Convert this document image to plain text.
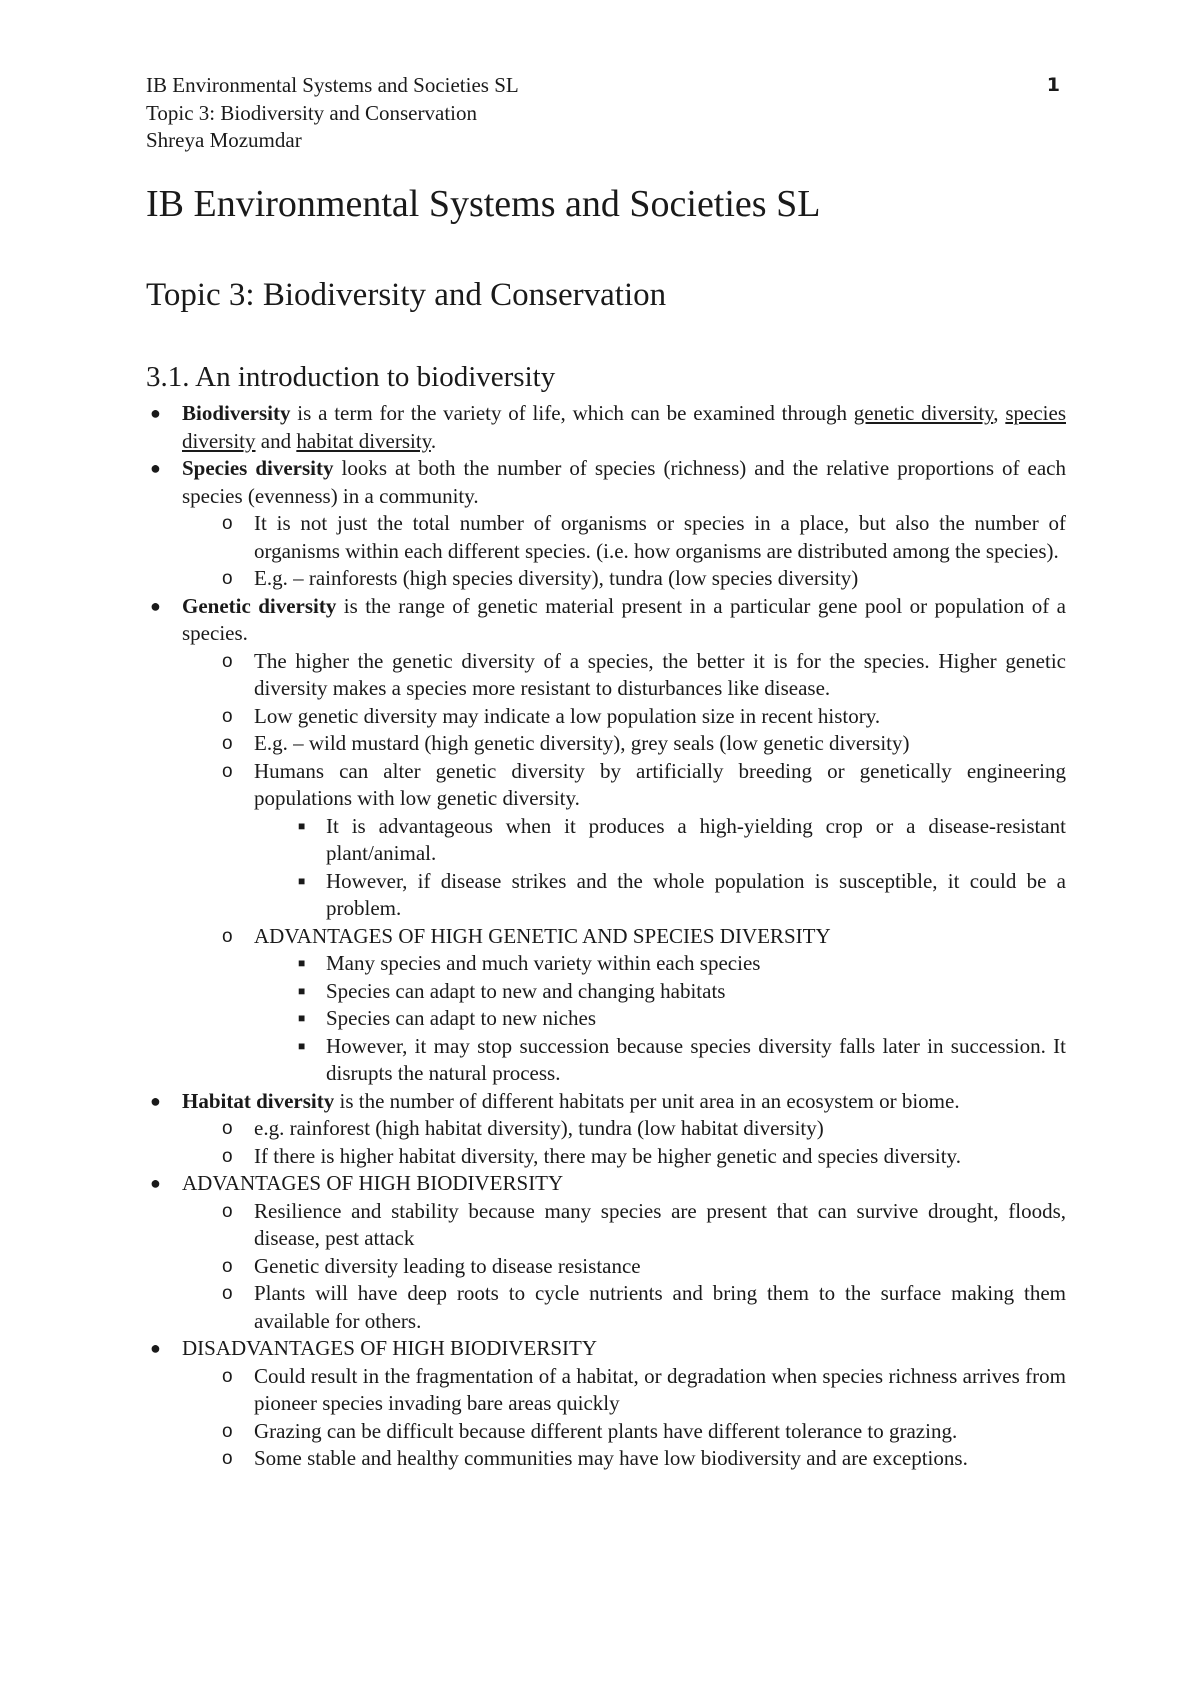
IB Environmental Systems and Societies SL
Topic 3: Biodiversity and Conservation
Shreya Mozumdar
1
IB Environmental Systems and Societies SL
Topic 3: Biodiversity and Conservation
3.1. An introduction to biodiversity
● Biodiversity is a term for the variety of life, which can be examined through genetic diversity, species diversity and habitat diversity.
● Species diversity looks at both the number of species (richness) and the relative proportions of each species (evenness) in a community.
o It is not just the total number of organisms or species in a place, but also the number of organisms within each different species. (i.e. how organisms are distributed among the species).
o E.g. – rainforests (high species diversity), tundra (low species diversity)
● Genetic diversity is the range of genetic material present in a particular gene pool or population of a species.
o The higher the genetic diversity of a species, the better it is for the species. Higher genetic diversity makes a species more resistant to disturbances like disease.
o Low genetic diversity may indicate a low population size in recent history.
o E.g. – wild mustard (high genetic diversity), grey seals (low genetic diversity)
o Humans can alter genetic diversity by artificially breeding or genetically engineering populations with low genetic diversity.
■ It is advantageous when it produces a high-yielding crop or a disease-resistant plant/animal.
■ However, if disease strikes and the whole population is susceptible, it could be a problem.
o ADVANTAGES OF HIGH GENETIC AND SPECIES DIVERSITY
■ Many species and much variety within each species
■ Species can adapt to new and changing habitats
■ Species can adapt to new niches
■ However, it may stop succession because species diversity falls later in succession. It disrupts the natural process.
● Habitat diversity is the number of different habitats per unit area in an ecosystem or biome.
o e.g. rainforest (high habitat diversity), tundra (low habitat diversity)
o If there is higher habitat diversity, there may be higher genetic and species diversity.
● ADVANTAGES OF HIGH BIODIVERSITY
o Resilience and stability because many species are present that can survive drought, floods, disease, pest attack
o Genetic diversity leading to disease resistance
o Plants will have deep roots to cycle nutrients and bring them to the surface making them available for others.
● DISADVANTAGES OF HIGH BIODIVERSITY
o Could result in the fragmentation of a habitat, or degradation when species richness arrives from pioneer species invading bare areas quickly
o Grazing can be difficult because different plants have different tolerance to grazing.
o Some stable and healthy communities may have low biodiversity and are exceptions.
